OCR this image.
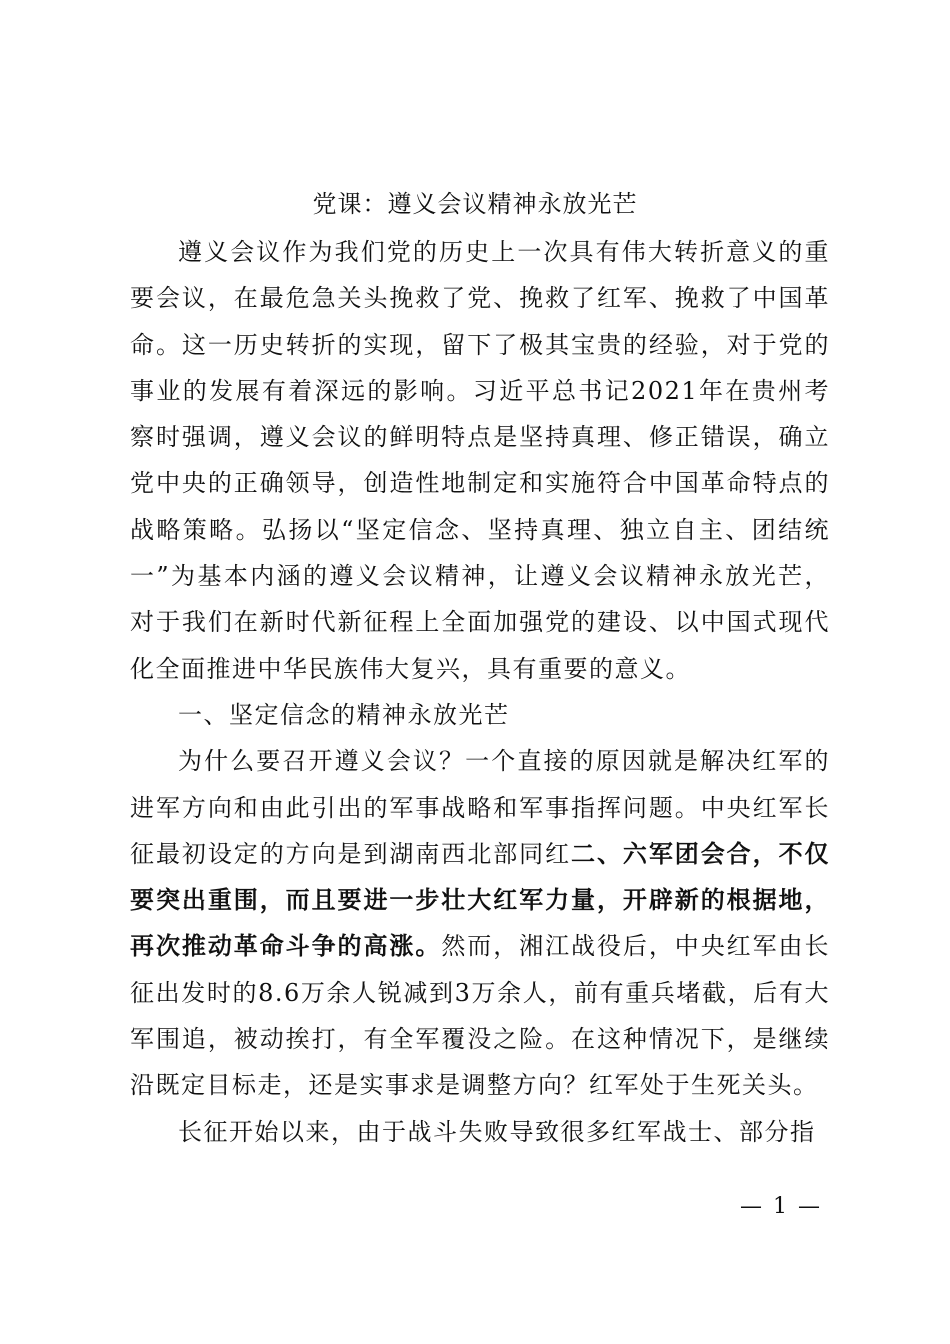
党课：遵义会议精神永放光芒

遵义会议作为我们党的历史上一次具有伟大转折意义的重要会议，在最危急关头挽救了党、挽救了红军、挽救了中国革命。这一历史转折的实现，留下了极其宝贵的经验，对于党的事业的发展有着深远的影响。习近平总书记2021年在贵州考察时强调，遵义会议的鲜明特点是坚持真理、修正错误，确立党中央的正确领导，创造性地制定和实施符合中国革命特点的战略策略。弘扬以“坚定信念、坚持真理、独立自主、团结统一”为基本内涵的遵义会议精神，让遵义会议精神永放光芒，对于我们在新时代新征程上全面加强党的建设、以中国式现代化全面推进中华民族伟大复兴，具有重要的意义。

一、坚定信念的精神永放光芒

为什么要召开遵义会议？一个直接的原因就是解决红军的进军方向和由此引出的军事战略和军事指挥问题。中央红军长征最初设定的方向是到湖南西北部同红二、六军团会合，不仅要突出重围，而且要进一步壮大红军力量，开辟新的根据地，再次推动革命斗争的高涨。然而，湘江战役后，中央红军由长征出发时的8.6万余人锐减到3万余人，前有重兵堵截，后有大军围追，被动挨打，有全军覆没之险。在这种情况下，是继续沿既定目标走，还是实事求是调整方向？红军处于生死关头。

长征开始以来，由于战斗失败导致很多红军战士、部分指

— 1 —
